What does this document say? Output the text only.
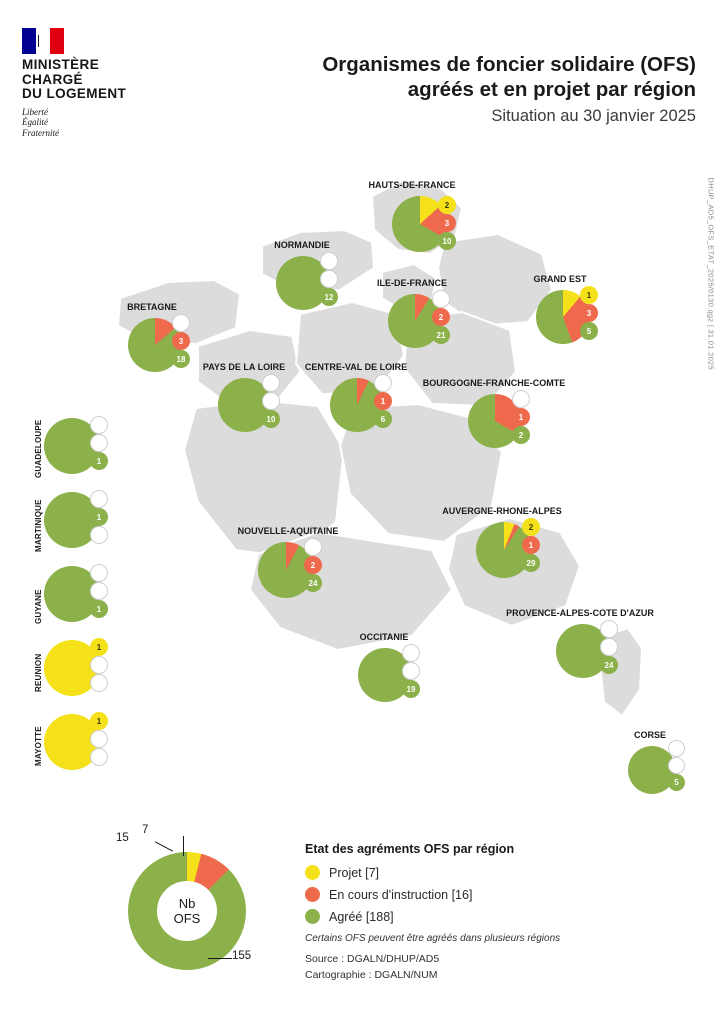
MINISTÈRE
CHARGÉ
DU LOGEMENT
Liberté
Égalité
Fraternité
Organismes de foncier solidaire (OFS)
agréés et en projet par région
Situation au 30 janvier 2025
DHUP_AD5_OFS_ETAT_2025/0130.qgz | 31.01.2025
HAUTS-DE-FRANCE
2
3
10
NORMANDIE
12
ILE-DE-FRANCE
2
21
GRAND EST
1
3
5
BRETAGNE
3
18
PAYS DE LA LOIRE
10
CENTRE-VAL DE LOIRE
1
6
BOURGOGNE-FRANCHE-COMTE
1
2
NOUVELLE-AQUITAINE
2
24
AUVERGNE-RHONE-ALPES
2
1
29
OCCITANIE
19
PROVENCE-ALPES-COTE D'AZUR
24
CORSE
5
GUADELOUPE	1
MARTINIQUE	1
GUYANE	1
REUNION
1
MAYOTTE
1
Nb
OFS
7
15
155
Etat des agréments OFS par région
Projet [7]
En cours d'instruction [16]
Agréé [188]
Certains OFS peuvent être agréés dans plusieurs régions
Source : DGALN/DHUP/AD5
Cartographie : DGALN/NUM
